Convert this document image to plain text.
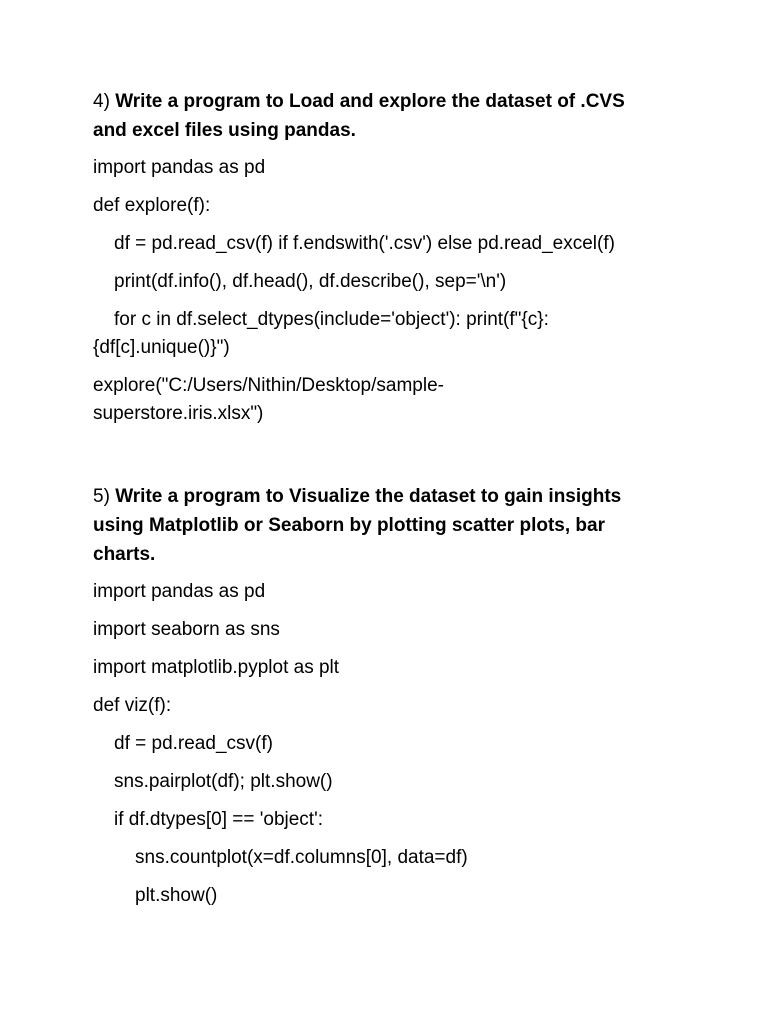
4) Write a program to Load and explore the dataset of .CVS
and excel files using pandas.
import pandas as pd
def explore(f):
df = pd.read_csv(f) if f.endswith('.csv') else pd.read_excel(f)
print(df.info(), df.head(), df.describe(), sep='\n')
for c in df.select_dtypes(include='object'): print(f"{c}:
{df[c].unique()}")
explore("C:/Users/Nithin/Desktop/sample-
superstore.iris.xlsx")
5) Write a program to Visualize the dataset to gain insights
using Matplotlib or Seaborn by plotting scatter plots, bar
charts.
import pandas as pd
import seaborn as sns
import matplotlib.pyplot as plt
def viz(f):
df = pd.read_csv(f)
sns.pairplot(df); plt.show()
if df.dtypes[0] == 'object':
sns.countplot(x=df.columns[0], data=df)
plt.show()
